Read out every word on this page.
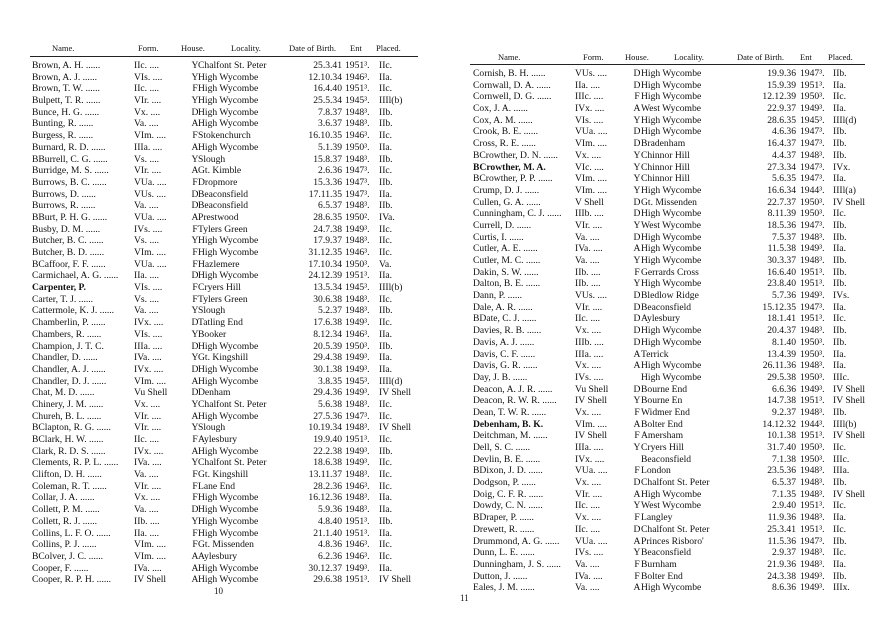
Name.	Form.	House.	Locality.	Date of Birth. Ent Placed.
Brown, A. H. ......	IIc. ....	Y Chalfont St. Peter	25.3.41 1951³. IIc.
Brown, A. J. ......	VIs. ....	Y High Wycombe	12.10.34 1946³. IIa.
Brown, T. W. ......	IIc. ....	F High Wycombe	16.4.40 1951³. IIc.
Bulpett, T. R. ......	VIr. ....	Y High Wycombe	25.5.34 1945³. IIIl(b)
Bunce, H. G. ......	Vx. ....	D High Wycombe	7.8.37 1948³. IIb.
Bunting, R. ......	Va. ....	A High Wycombe	3.6.37 1948³. IIb.
Burgess, R. ......	VIm. ....	F Stokenchurch	16.10.35 1946³. IIc.
Burnard, R. D. ......	IIIa. ....	A High Wycombe	5.1.39 1950³. IIa.
BBurrell, C. G. ......	Vs. ....	Y Slough	15.8.37 1948³. IIb.
Burridge, M. S. ......	VIr. ....	A Gt. Kimble	2.6.36 1947³. IIc.
Burrows, B. C. ......	VUa. ....	F Dropmore	15.3.36 1947³. IIb.
Burrows, D. ......	VUs. ....	D Beaconsfield	17.11.35 1947³. IIa.
Burrows, R. ......	Va. ....	D Beaconsfield	6.5.37 1948³. IIb.
BBurt, P. H. G. ......	VUa. ....	A Prestwood	28.6.35 1950². IVa.
Busby, D. M. ......	IVs. ....	F Tylers Green	24.7.38 1949³. IIc.
Butcher, B. C. ......	Vs. ....	Y High Wycombe	17.9.37 1948³. IIc.
Butcher, B. D. ......	VIm. ....	F High Wycombe	31.12.35 1946³. IIc.
BCaffoor, F. F. ......	VUa. ....	F Hazlemere	17.10.34 1950³. Va.
Carmichael, A. G. ......	IIa. ....	D High Wycombe	24.12.39 1951³. IIa.
Carpenter, P.	VIs. ....	F Cryers Hill	13.5.34 1945³. IIIl(b)
Carter, T. J. ......	Vs. ....	F Tylers Green	30.6.38 1948³. IIc.
Cattermole, K. J. ......	Va. ....	Y Slough	5.2.37 1948³. IIb.
Chamberlin, P. ......	IVx. ....	D Tatling End	17.6.38 1949³. IIc.
Chambers, R. ......	VIs. ....	Y Booker	8.12.34 1946³. IIa.
Champion, J. T. C.	IIIa. ....	D High Wycombe	20.5.39 1950³. IIb.
Chandler, D. ......	IVa. ....	Y Gt. Kingshill	29.4.38 1949³. IIa.
Chandler, A. J. ......	IVx. ....	D High Wycombe	30.1.38 1949³. IIa.
Chandler, D. J. ......	VIm. ....	A High Wycombe	3.8.35 1945³. IIIl(d)
Chat, M. D. ......	Vu Shell	D Denham	29.4.36 1949³. IV Shell
Chinery, J. M. ......	Vx. ....	Y Chalfont St. Peter	5.6.38 1948³. IIc.
Chureh, B. L. ......	VIr. ....	A High Wycombe	27.5.36 1947³. IIc.
BClapton, R. G. ......	VIr. ....	Y Slough	10.19.34 1948³. IV Shell
BClark, H. W. ......	IIc. ....	F Aylesbury	19.9.40 1951³. IIc.
Clark, R. D. S. ......	IVx. ....	A High Wycombe	22.2.38 1949³. IIb.
Clements, R. P. L. ......	IVa. ....	Y Chalfont St. Peter	18.6.38 1949³. IIc.
Clifton, D. H. ......	Va. ....	F Gt. Kingshill	13.11.37 1948³. IIc.
Coleman, R. T. ......	VIr. ....	F Lane End	28.2.36 1946³. IIc.
Collar, J. A. ......	Vx. ....	F High Wycombe	16.12.36 1948³. IIa.
Collett, P. M. ......	Va. ....	D High Wycombe	5.9.36 1948³. IIa.
Collett, R. J. ......	IIb. ....	Y High Wycombe	4.8.40 1951³. IIb.
Collins, L. F. O. ......	IIa. ....	F High Wycombe	21.1.40 1951³. IIa.
Collins, P. J. ......	VIm. ....	F Gt. Missenden	4.8.36 1946³. IIc.
BColver, J. C. ......	VIm. ....	A Aylesbury	6.2.36 1946³. IIc.
Cooper, F. ......	IVa. ....	A High Wycombe	30.12.37 1949³. IIa.
Cooper, R. P. H. ......	IV Shell	A High Wycombe	29.6.38 1951³. IV Shell
10
Name.	Form.	House.	Locality.	Date of Birth. Ent Placed.
Cornish, B. H. ......	VUs. ....	D High Wycombe	19.9.36 1947³. IIb.
Cornwall, D. A. ......	IIa. ....	D High Wycombe	15.9.39 1951³. IIa.
Cornwell, D. G. ......	IIIc. ....	F High Wycombe	12.12.39 1950³. IIc.
Cox, J. A. ......	IVx. ....	A West Wycombe	22.9.37 1949³. IIa.
Cox, A. M. ......	VIs. ....	Y High Wycombe	28.6.35 1945³. IIIl(d)
Crook, B. E. ......	VUa. ....	D High Wycombe	4.6.36 1947³. IIb.
Cross, R. E. ......	VIm. ....	D Bradenham	16.4.37 1947³. IIb.
BCrowther, D. N. ......	Vx. ....	Y Chinnor Hill	4.4.37 1948³. IIb.
BCrowther, M. A.	VIc. ....	Y Chinnor Hill	27.3.34 1947³. IVx.
BCrowther, P. P. ......	VIm. ....	Y Chinnor Hill	5.6.35 1947³. IIa.
Crump, D. J. ......	VIm. ....	Y High Wycombe	16.6.34 1944³. IIIl(a)
Cullen, G. A. ......	V Shell	D Gt. Missenden	22.7.37 1950³. IV Shell
Cunningham, C. J. ......	IIIb. ....	D High Wycombe	8.11.39 1950³. IIc.
Currell, D. ......	VIr. ....	Y West Wycombe	18.5.36 1947³. IIb.
Curtis, I. ......	Va. ....	D High Wycombe	7.5.37 1948³. IIb.
Cutler, A. E. ......	IVa. ....	A High Wycombe	11.5.38 1949³. IIa.
Cutler, M. C. ......	Va. ....	Y High Wycombe	30.3.37 1948³. IIb.
Dakin, S. W. ......	IIb. ....	F Gerrards Cross	16.6.40 1951³. IIb.
Dalton, B. E. ......	IIb. ....	Y High Wycombe	23.8.40 1951³. IIb.
Dann, P. ......	VUs. ....	D Bledlow Ridge	5.7.36 1949³. IVs.
Dale, A. R. ......	VIr. ....	D Beaconsfield	15.12.35 1947³. IIa.
BDate, C. J. ......	IIc. ....	D Aylesbury	18.1.41 1951³. IIc.
Davies, R. B. ......	Vx. ....	D High Wycombe	20.4.37 1948³. IIb.
Davis, A. J. ......	IIIb. ....	D High Wycombe	8.1.40 1950³. IIb.
Davis, C. F. ......	IIIa. ....	A Terrick	13.4.39 1950³. IIa.
Davis, G. R. ......	Vx. ....	A High Wycombe	26.11.36 1948³. IIa.
Day, J. B. ......	IVs. ....	High Wycombe	29.5.38 1950³. IIIc.
Deacon, A. J. R. ......	Vu Shell	D Bourne End	6.6.36 1949³. IV Shell
Deacon, R. W. R. ......	IV Shell	Y Bourne En	14.7.38 1951³. IV Shell
Dean, T. W. R. ......	Vx. ....	F Widmer End	9.2.37 1948³. IIb.
Debenham, B. K.	VIm. ....	A Bolter End	14.12.32 1944³. IIIl(b)
Deitchman, M. ......	IV Shell	F Amersham	10.1.38 1951³. IV Shell
Dell, S. C. ......	IIIa. ....	Y Cryers Hill	31.7.40 1950³. IIc.
Devlin, B. E. ......	IVx. ....	Beaconsfield	7.1.38 1950³. IIIc.
BDixon, J. D. ......	VUa. ....	F London	23.5.36 1948³. IIIa.
Dodgson, P. ......	Vx. ....	D Chalfont St. Peter	6.5.37 1948³. IIb.
Doig, C. F. R. ......	VIr. ....	A High Wycombe	7.1.35 1948³. IV Shell
Dowdy, C. N. ......	IIc. ....	Y West Wycombe	2.9.40 1951³. IIc.
BDraper, P. ......	Vx. ....	F Langley	11.9.36 1948³. IIa.
Drewett, R. ......	IIc. ....	D Chalfont St. Peter	25.3.41 1951³. IIc.
Drummond, A. G. ......	VUa. ....	A Princes Risboro'	11.5.36 1947³. IIb.
Dunn, L. E. ......	IVs. ....	Y Beaconsfield	2.9.37 1948³. IIc.
Dunningham, J. S. ......	Va. ....	F Burnham	21.9.36 1948³. IIa.
Dutton, J. ......	IVa. ....	F Bolter End	24.3.38 1949³. IIb.
Eales, J. M. ......	Va. ....	A High Wycombe	8.6.36 1949³. IIIx.
11
